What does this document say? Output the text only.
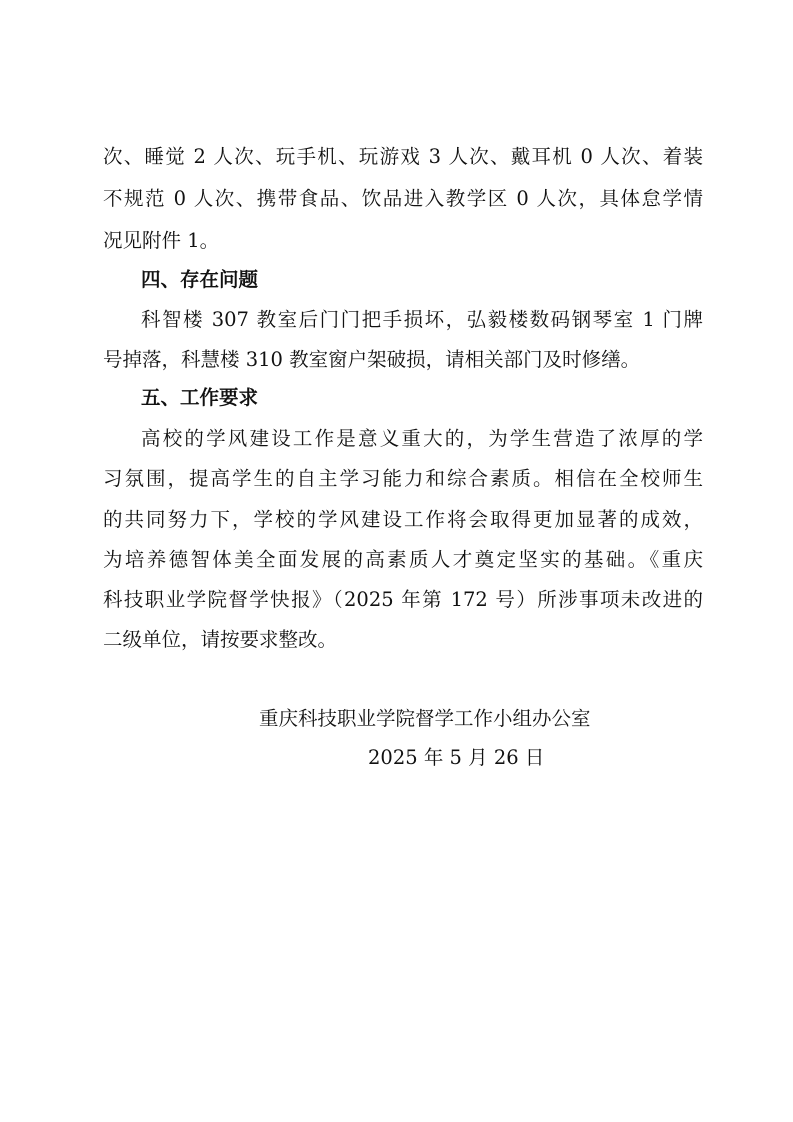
次、睡觉 2 人次、玩手机、玩游戏 3 人次、戴耳机 0 人次、着装
不规范 0 人次、携带食品、饮品进入教学区 0 人次，具体怠学情
况见附件 1。
四、存在问题
科智楼 307 教室后门门把手损坏，弘毅楼数码钢琴室 1 门牌
号掉落，科慧楼 310 教室窗户架破损，请相关部门及时修缮。
五、工作要求
高校的学风建设工作是意义重大的，为学生营造了浓厚的学
习氛围，提高学生的自主学习能力和综合素质。相信在全校师生
的共同努力下，学校的学风建设工作将会取得更加显著的成效，
为培养德智体美全面发展的高素质人才奠定坚实的基础。《重庆
科技职业学院督学快报》（2025 年第 172 号）所涉事项未改进的
二级单位，请按要求整改。
重庆科技职业学院督学工作小组办公室
2025 年 5 月 26 日
